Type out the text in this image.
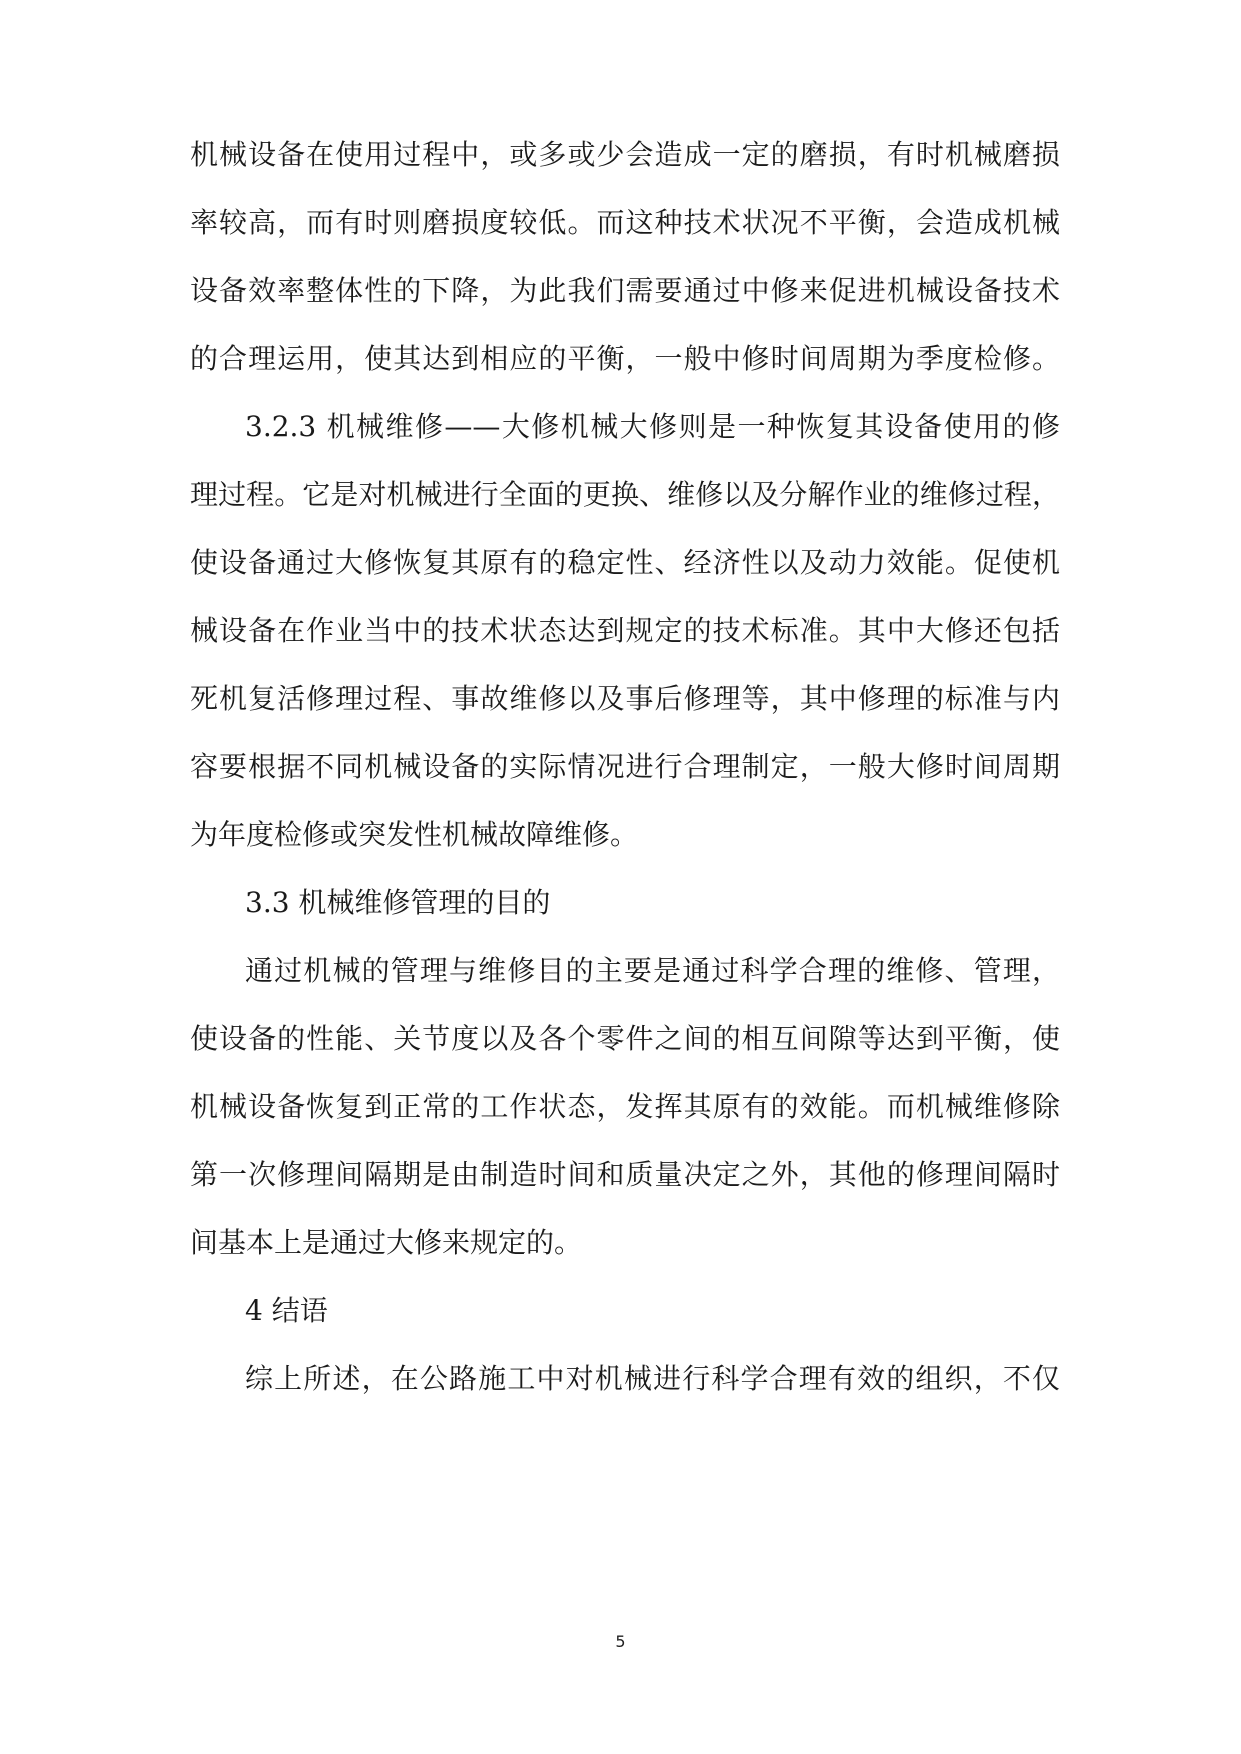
机械设备在使用过程中，或多或少会造成一定的磨损，有时机械磨损
率较高，而有时则磨损度较低。而这种技术状况不平衡，会造成机械
设备效率整体性的下降，为此我们需要通过中修来促进机械设备技术
的合理运用，使其达到相应的平衡，一般中修时间周期为季度检修。
3.2.3 机械维修——大修机械大修则是一种恢复其设备使用的修
理过程。它是对机械进行全面的更换、维修以及分解作业的维修过程，
使设备通过大修恢复其原有的稳定性、经济性以及动力效能。促使机
械设备在作业当中的技术状态达到规定的技术标准。其中大修还包括
死机复活修理过程、事故维修以及事后修理等，其中修理的标准与内
容要根据不同机械设备的实际情况进行合理制定，一般大修时间周期
为年度检修或突发性机械故障维修。
3.3 机械维修管理的目的
通过机械的管理与维修目的主要是通过科学合理的维修、管理，
使设备的性能、关节度以及各个零件之间的相互间隙等达到平衡，使
机械设备恢复到正常的工作状态，发挥其原有的效能。而机械维修除
第一次修理间隔期是由制造时间和质量决定之外，其他的修理间隔时
间基本上是通过大修来规定的。
4 结语
综上所述，在公路施工中对机械进行科学合理有效的组织，不仅
5
